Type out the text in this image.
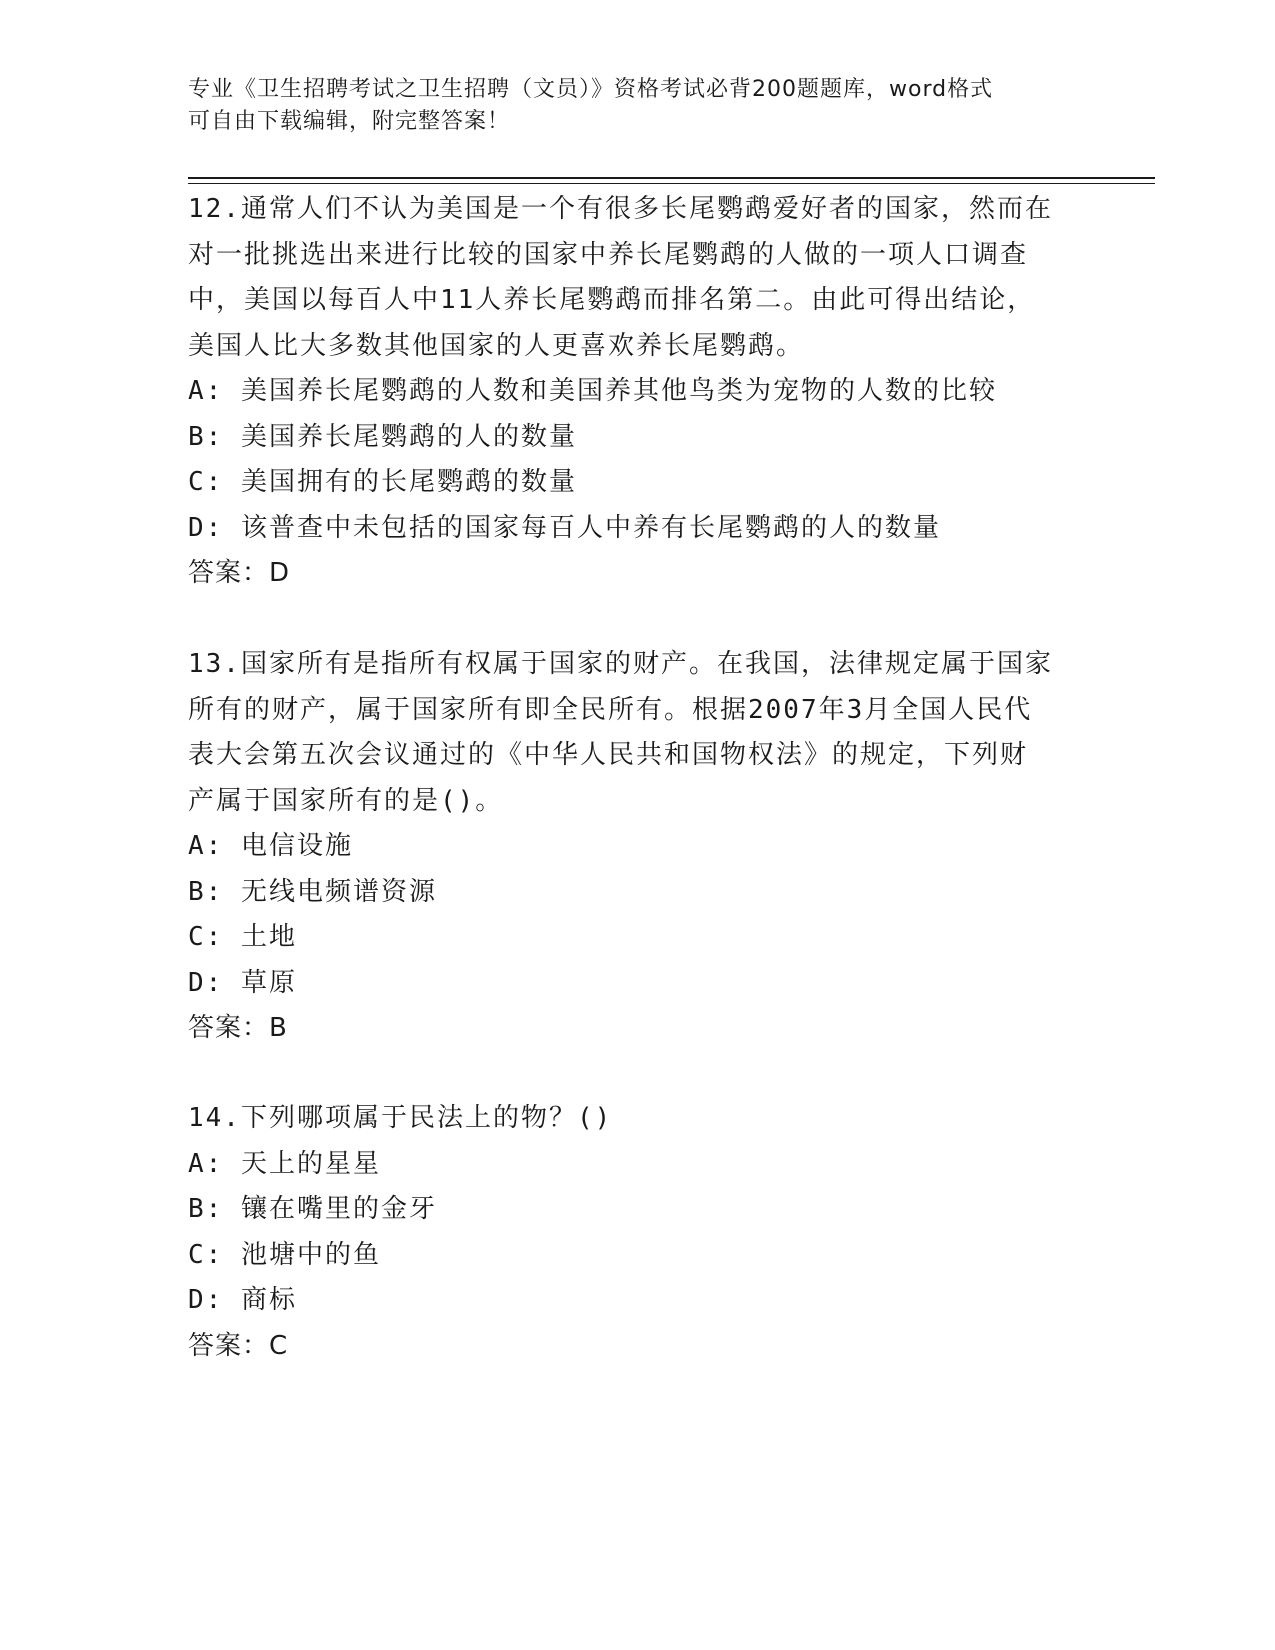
专业《卫生招聘考试之卫生招聘（文员）》资格考试必背200题题库，word格式
可自由下载编辑，附完整答案！

12.通常人们不认为美国是一个有很多长尾鹦鹉爱好者的国家，然而在
对一批挑选出来进行比较的国家中养长尾鹦鹉的人做的一项人口调查
中，美国以每百人中11人养长尾鹦鹉而排名第二。由此可得出结论，
美国人比大多数其他国家的人更喜欢养长尾鹦鹉。

A: 美国养长尾鹦鹉的人数和美国养其他鸟类为宠物的人数的比较

B: 美国养长尾鹦鹉的人的数量

C: 美国拥有的长尾鹦鹉的数量

D: 该普查中未包括的国家每百人中养有长尾鹦鹉的人的数量

答案：D

13.国家所有是指所有权属于国家的财产。在我国，法律规定属于国家
所有的财产，属于国家所有即全民所有。根据2007年3月全国人民代
表大会第五次会议通过的《中华人民共和国物权法》的规定，下列财
产属于国家所有的是()。

A: 电信设施

B: 无线电频谱资源

C: 土地

D: 草原

答案：B

14.下列哪项属于民法上的物？()

A: 天上的星星

B: 镶在嘴里的金牙

C: 池塘中的鱼

D: 商标

答案：C
